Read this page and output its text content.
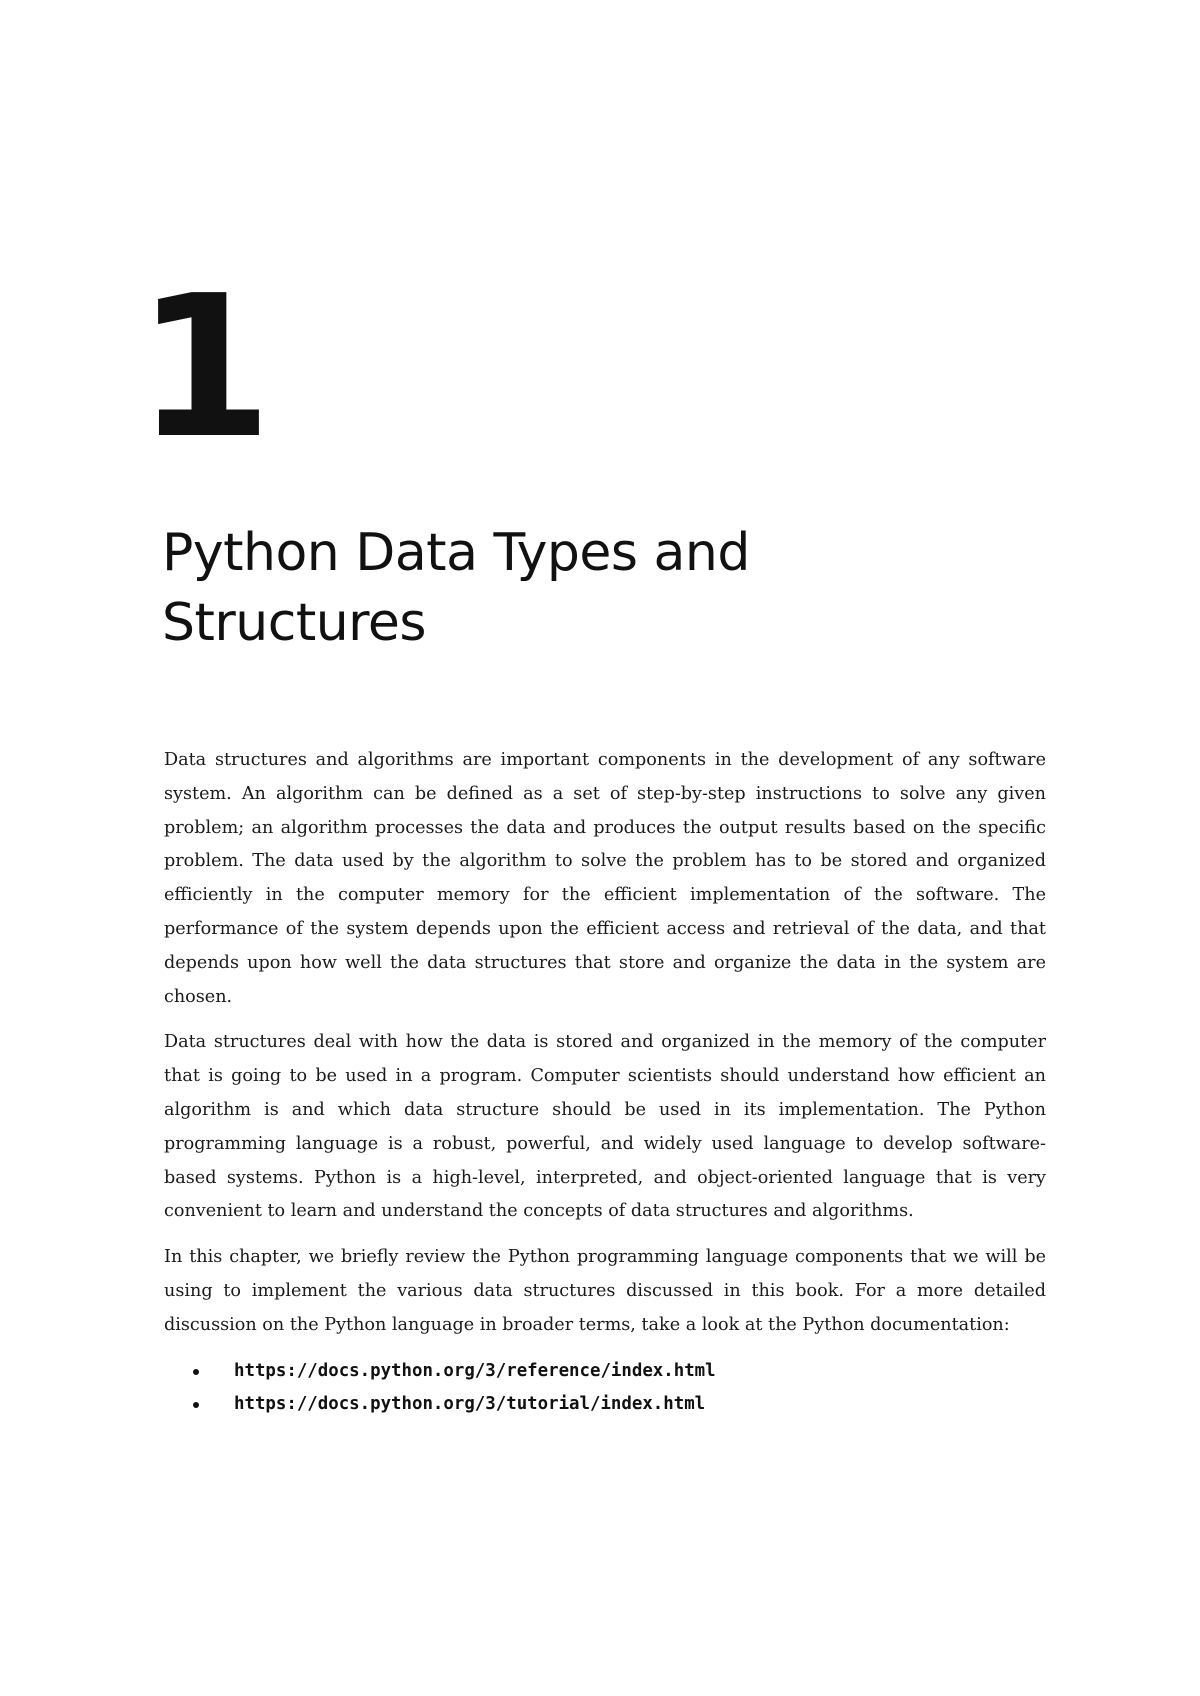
1
Python Data Types and
Structures

Data structures and algorithms are important components in the development of any software system. An algorithm can be defined as a set of step-by-step instructions to solve any given problem; an algorithm processes the data and produces the output results based on the specific problem. The data used by the algorithm to solve the problem has to be stored and organized efficiently in the computer memory for the efficient implementation of the software. The performance of the system depends upon the efficient access and retrieval of the data, and that depends upon how well the data structures that store and organize the data in the system are chosen.

Data structures deal with how the data is stored and organized in the memory of the computer that is going to be used in a program. Computer scientists should understand how efficient an algorithm is and which data structure should be used in its implementation. The Python programming language is a robust, powerful, and widely used language to develop software-based systems. Python is a high-level, interpreted, and object-oriented language that is very convenient to learn and understand the concepts of data structures and algorithms.

In this chapter, we briefly review the Python programming language components that we will be using to implement the various data structures discussed in this book. For a more detailed discussion on the Python language in broader terms, take a look at the Python documentation:

https://docs.python.org/3/reference/index.html
https://docs.python.org/3/tutorial/index.html
